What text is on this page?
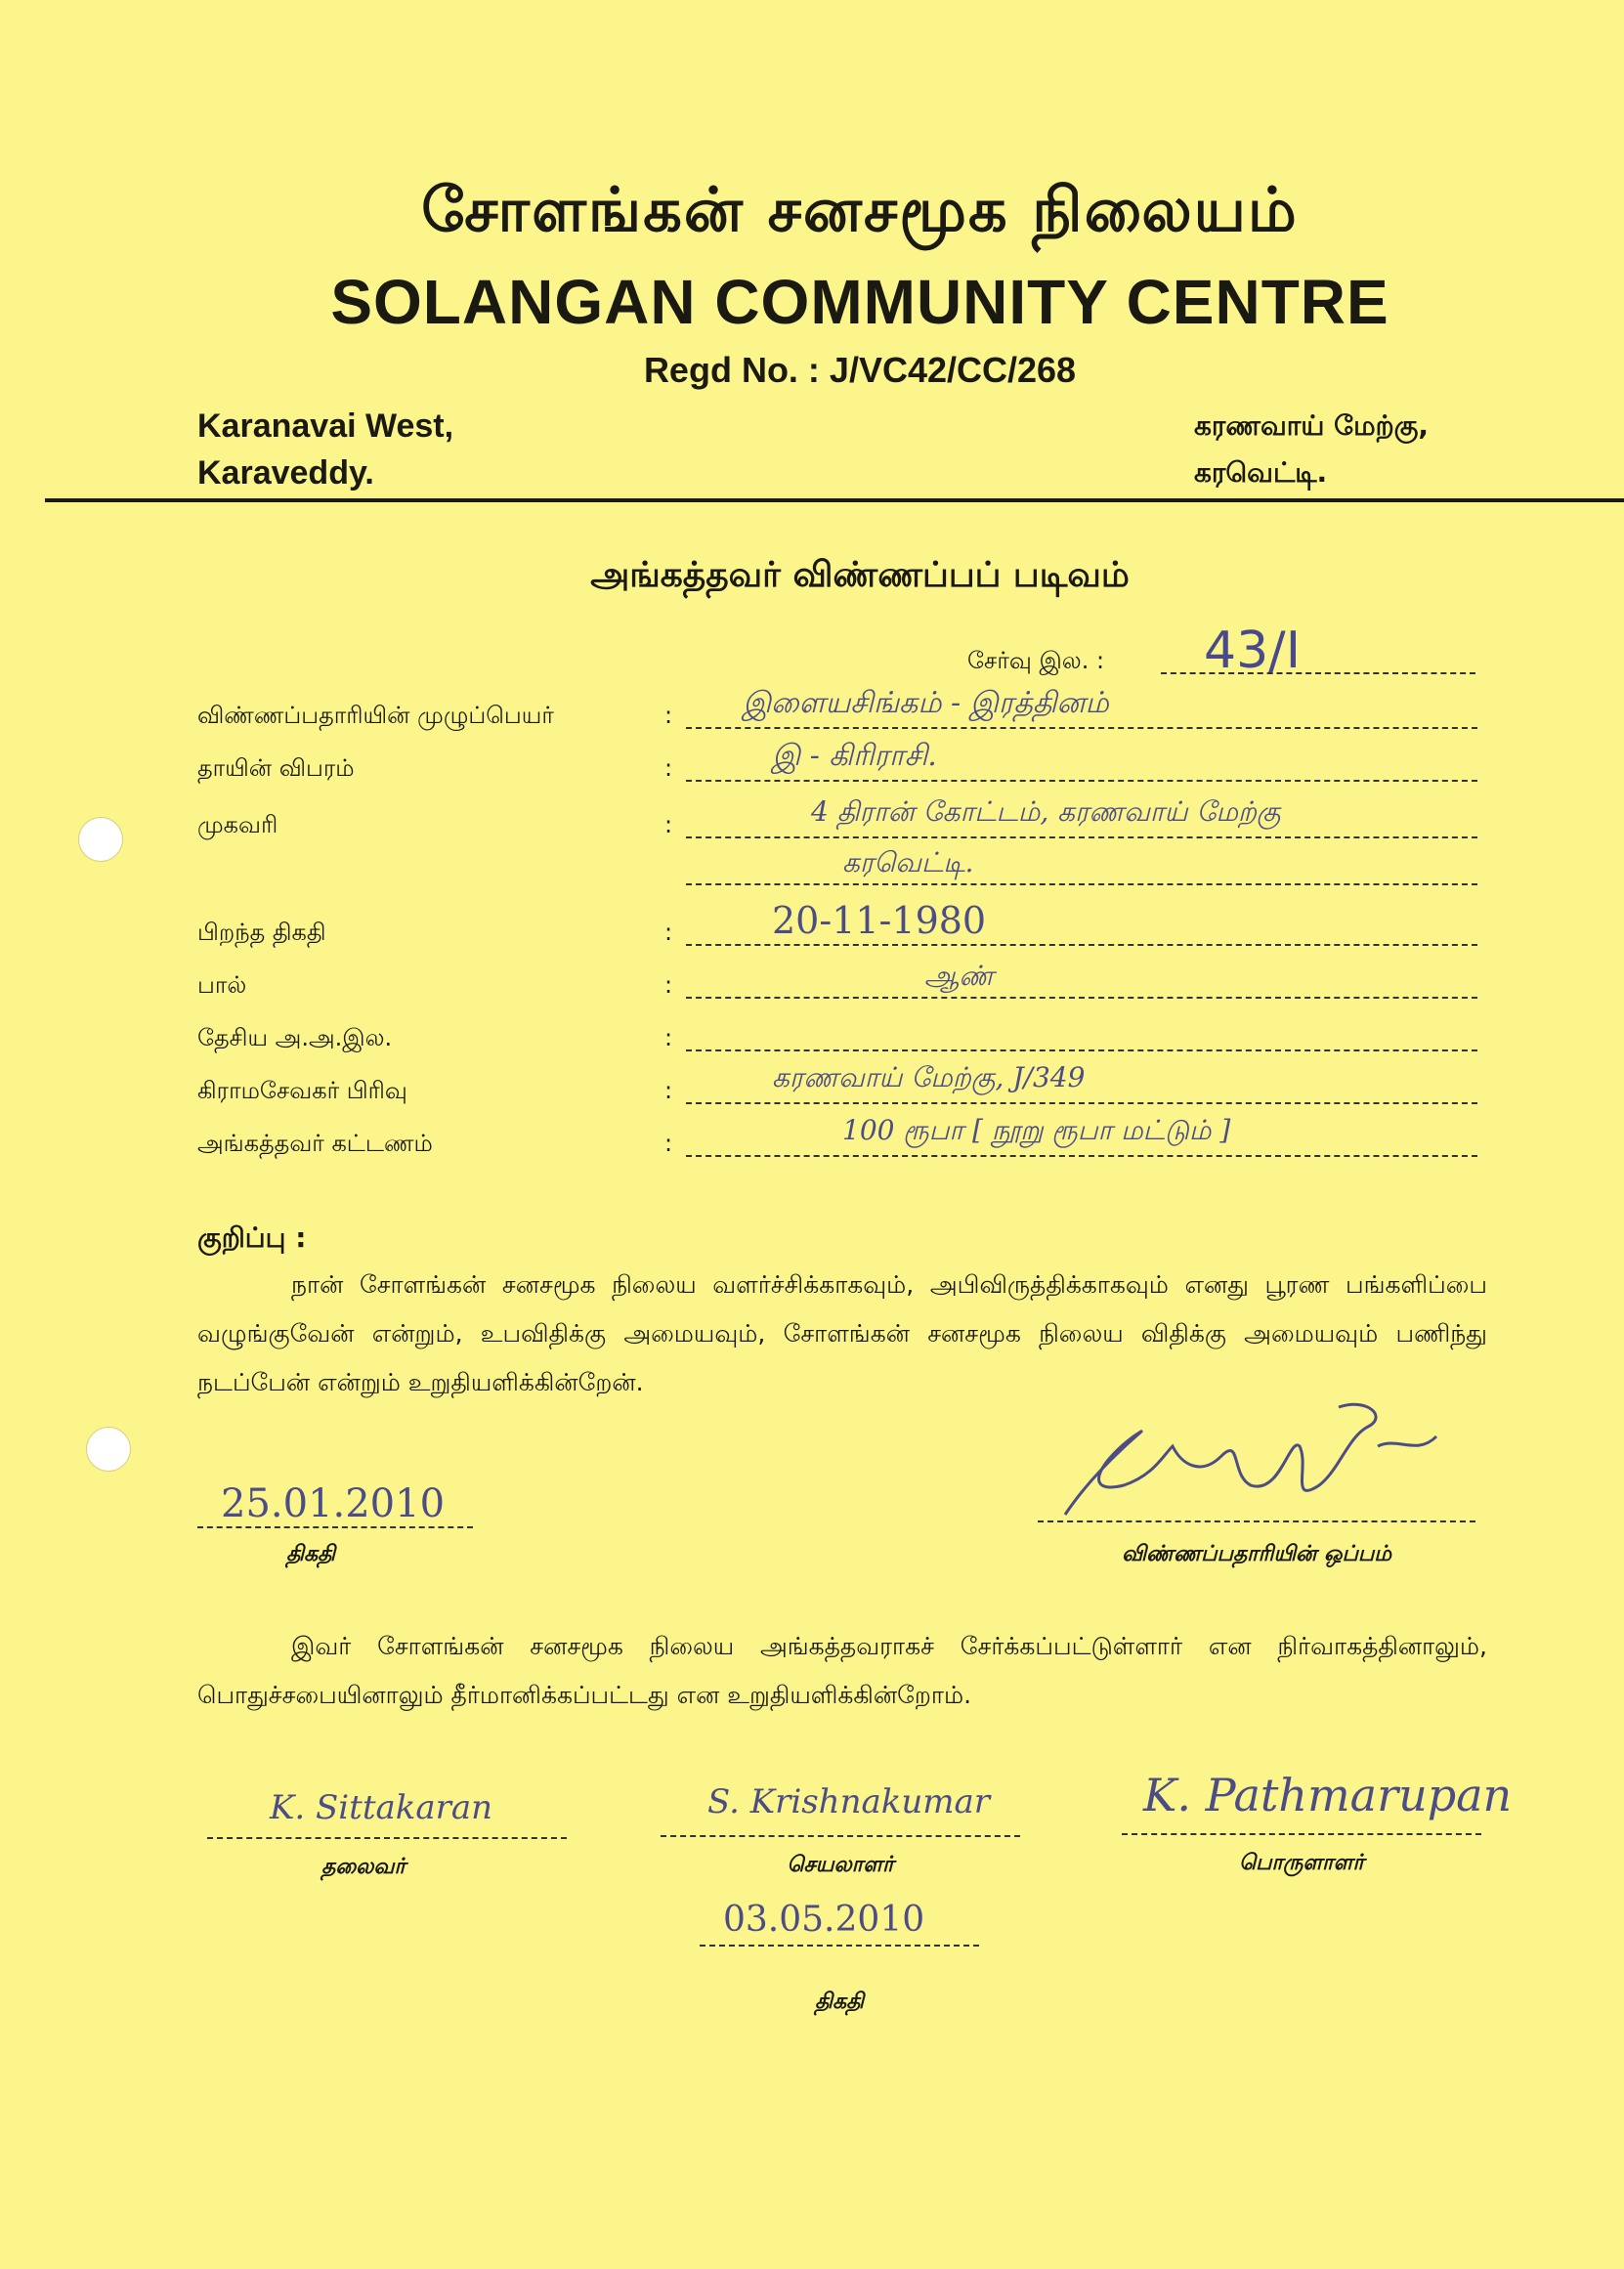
சோளங்கன் சனசமூக நிலையம்
SOLANGAN COMMUNITY CENTRE
Regd No. : J/VC42/CC/268
Karanavai West,
Karaveddy.
கரணவாய் மேற்கு,
கரவெட்டி.
அங்கத்தவர் விண்ணப்பப் படிவம்
சேர்வு இல. : 43/I
விண்ணப்பதாரியின் முழுப்பெயர்	: இளையசிங்கம் - இரத்தினம்
தாயின் விபரம்	:	இ - கிரிராசி.
முகவரி	:	4 திரான் கோட்டம், கரணவாய் மேற்கு
கரவெட்டி.
பிறந்த திகதி	:	20-11-1980
பால்	:	ஆண்
தேசிய அ.அ.இல.	:
கிராமசேவகர் பிரிவு	:	கரணவாய் மேற்கு, J/349
அங்கத்தவர் கட்டணம்	:	100 ரூபா [ நூறு ரூபா மட்டும் ]
குறிப்பு :
நான் சோளங்கன் சனசமூக நிலைய வளர்ச்சிக்காகவும், அபிவிருத்திக்காகவும் எனது பூரண பங்களிப்பை வழுங்குவேன் என்றும், உபவிதிக்கு அமையவும், சோளங்கன் சனசமூக நிலைய விதிக்கு அமையவும் பணிந்து நடப்பேன் என்றும் உறுதியளிக்கின்றேன்.
25.01.2010
திகதி	விண்ணப்பதாரியின் ஒப்பம்
இவர் சோளங்கன் சனசமூக நிலைய அங்கத்தவராகச் சேர்க்கப்பட்டுள்ளார் என நிர்வாகத்தினாலும், பொதுச்சபையினாலும் தீர்மானிக்கப்பட்டது என உறுதியளிக்கின்றோம்.
K. Sittakaran
தலைவர்
S. Krishnakumar
செயலாளர்
K. Pathmarupan
பொருளாளர்
03.05.2010
திகதி
